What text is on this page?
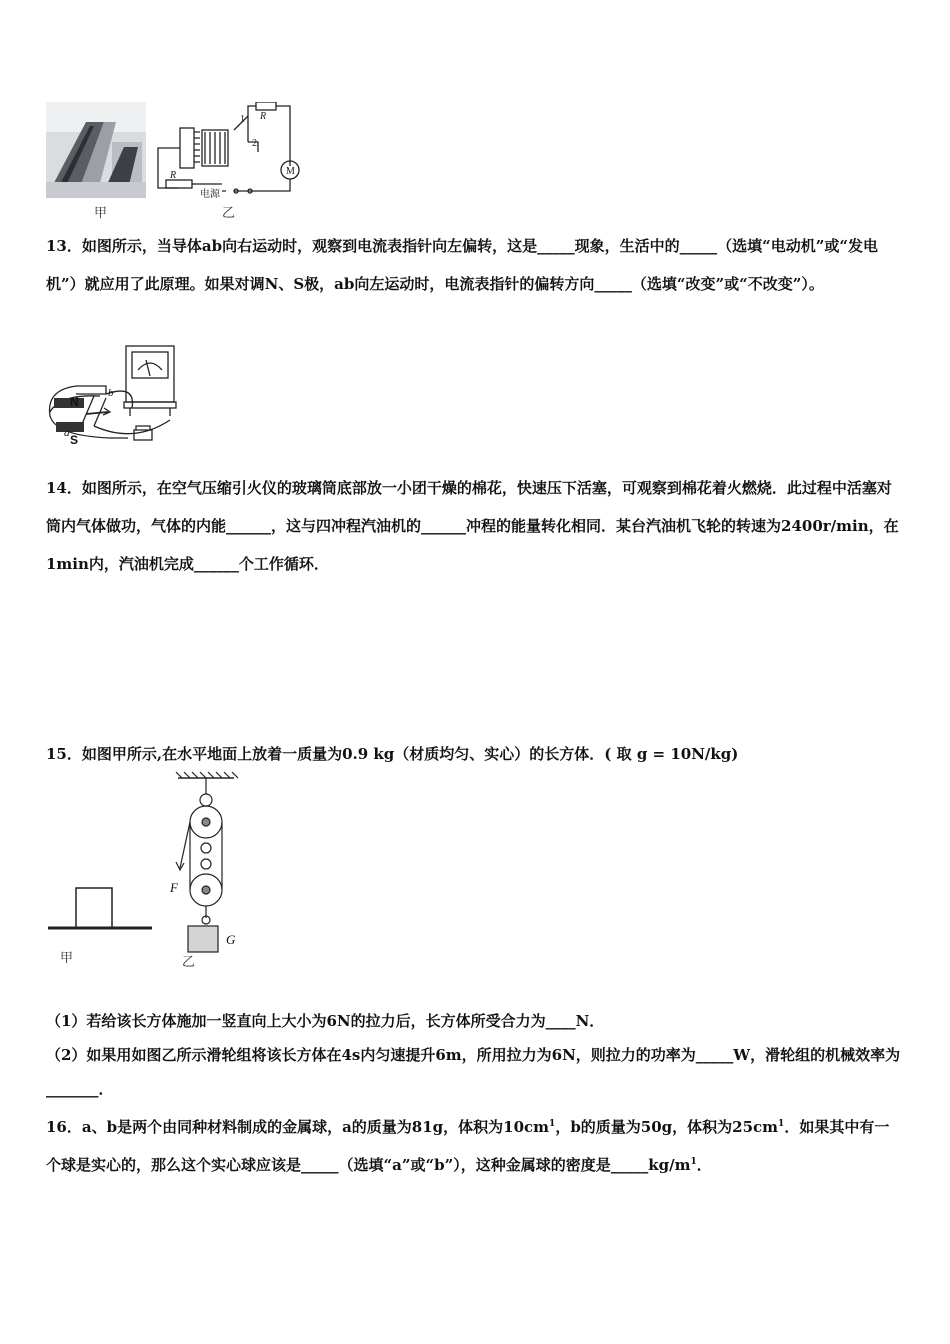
甲
1
2
R
R
电源
M
乙

13．如图所示，当导体ab向右运动时，观察到电流表指针向左偏转，这是_____现象，生活中的_____（选填“电动机”或“发电机”）就应用了此原理。如果对调N、S极，ab向左运动时，电流表指针的偏转方向_____（选填“改变”或“不改变”）。

N
S
a
b

14．如图所示，在空气压缩引火仪的玻璃筒底部放一小团干燥的棉花，快速压下活塞，可观察到棉花着火燃烧．此过程中活塞对筒内气体做功，气体的内能______，这与四冲程汽油机的______冲程的能量转化相同．某台汽油机飞轮的转速为2400r/min，在1min内，汽油机完成______个工作循环．

15．如图甲所示,在水平地面上放着一质量为0.9 kg（材质均匀、实心）的长方体．( 取 g = 10N/kg)

甲
F
G
乙

（1）若给该长方体施加一竖直向上大小为6N的拉力后，长方体所受合力为____N．

（2）如果用如图乙所示滑轮组将该长方体在4s内匀速提升6m，所用拉力为6N，则拉力的功率为_____W，滑轮组的机械效率为_______．

16．a、b是两个由同种材料制成的金属球，a的质量为81g，体积为$10cm^1$，b的质量为50g，体积为$25cm^1$．如果其中有一个球是实心的，那么这个实心球应该是_____（选填“a”或“b”），这种金属球的密度是$\_\_\_\_\_kg/m^1$．
